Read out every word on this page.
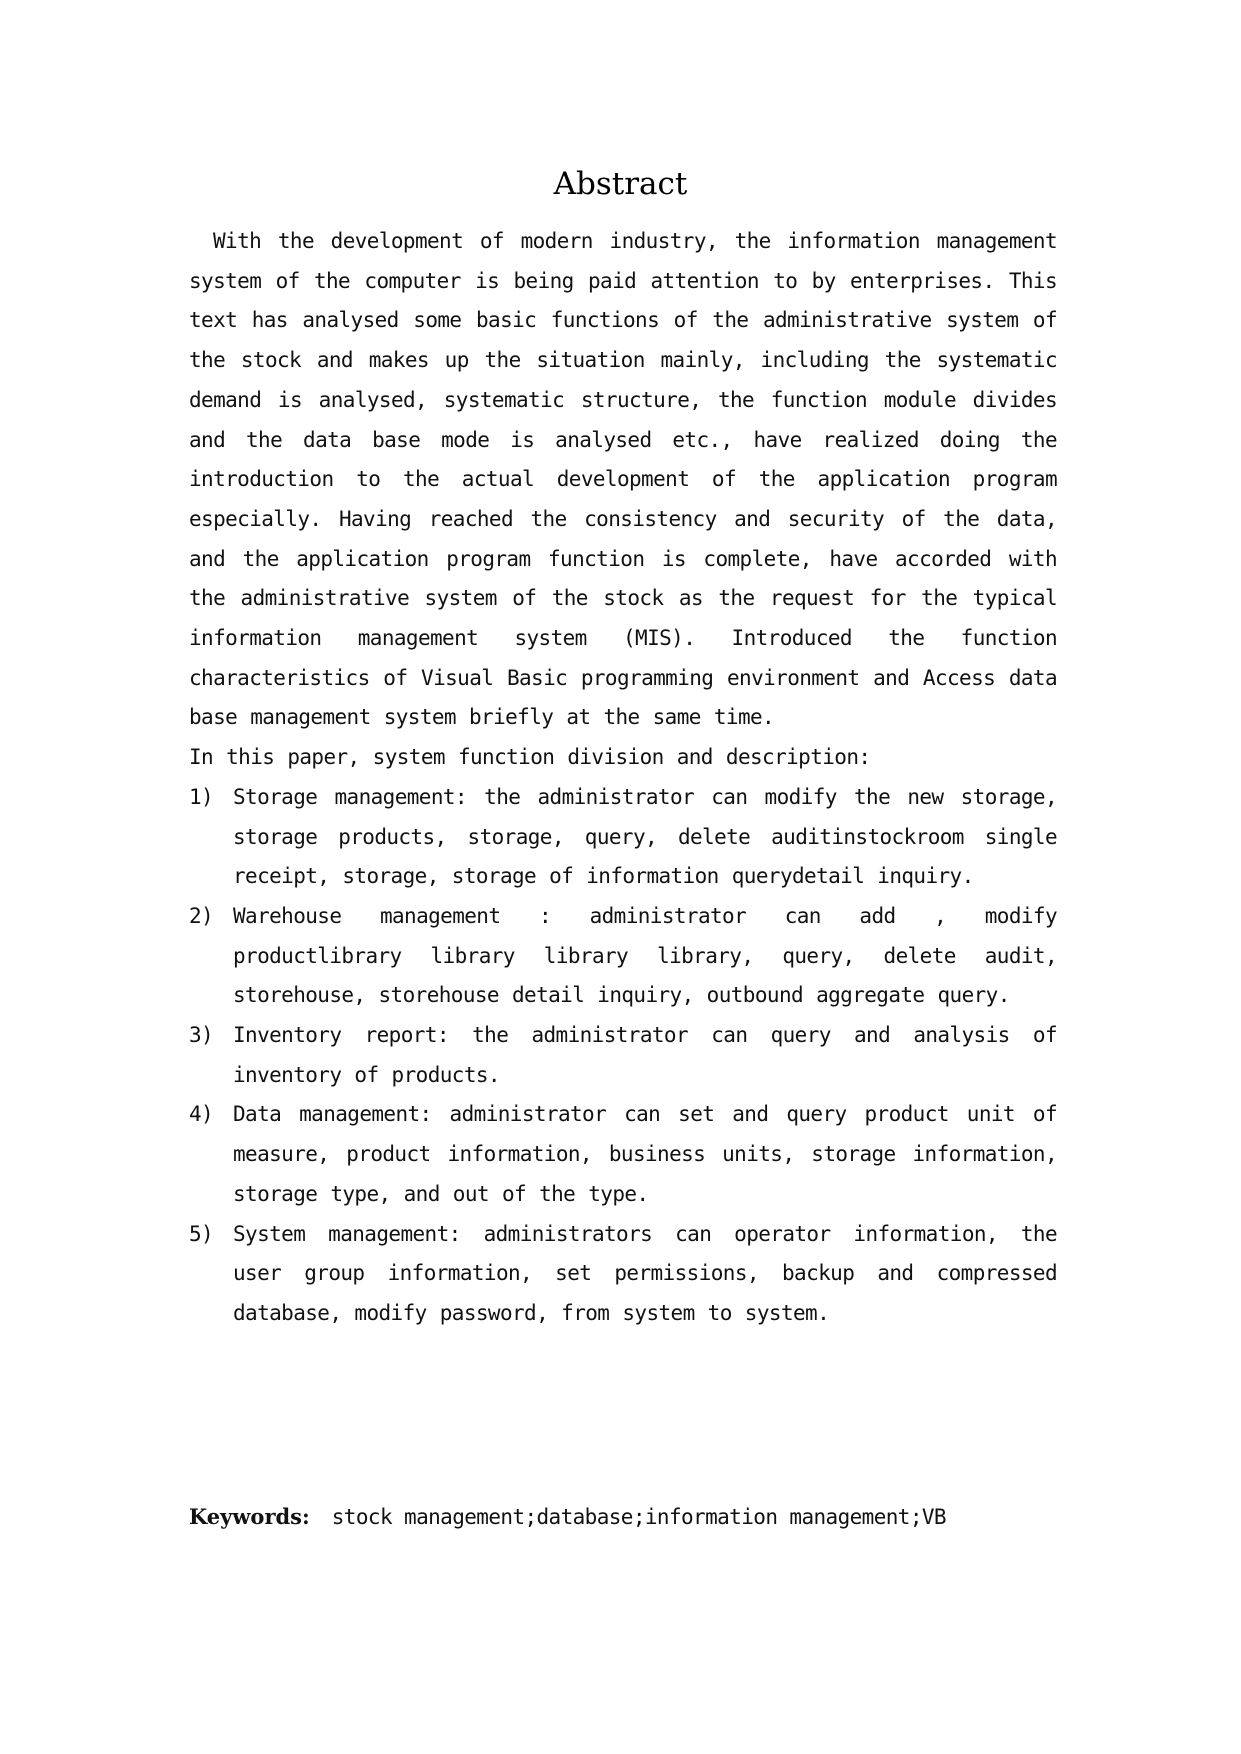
Abstract

With the development of modern industry, the information management system of the computer is being paid attention to by enterprises. This text has analysed some basic functions of the administrative system of the stock and makes up the situation mainly, including the systematic demand is analysed, systematic structure, the function module divides and the data base mode is analysed etc., have realized doing the introduction to the actual development of the application program especially. Having reached the consistency and security of the data, and the application program function is complete, have accorded with the administrative system of the stock as the request for the typical information management system (MIS). Introduced the function characteristics of Visual Basic programming environment and Access data base management system briefly at the same time.

In this paper, system function division and description:

1) Storage management: the administrator can modify the new storage, storage products, storage, query, delete auditinstockroom single receipt, storage, storage of information querydetail inquiry.
2) Warehouse management : administrator can add , modify productlibrary library library library, query, delete audit, storehouse, storehouse detail inquiry, outbound aggregate query.
3) Inventory report: the administrator can query and analysis of inventory of products.
4) Data management: administrator can set and query product unit of measure, product information, business units, storage information, storage type, and out of the type.
5) System management: administrators can operator information, the user group information, set permissions, backup and compressed database, modify password, from system to system.
Keywords: stock management;database;information management;VB
